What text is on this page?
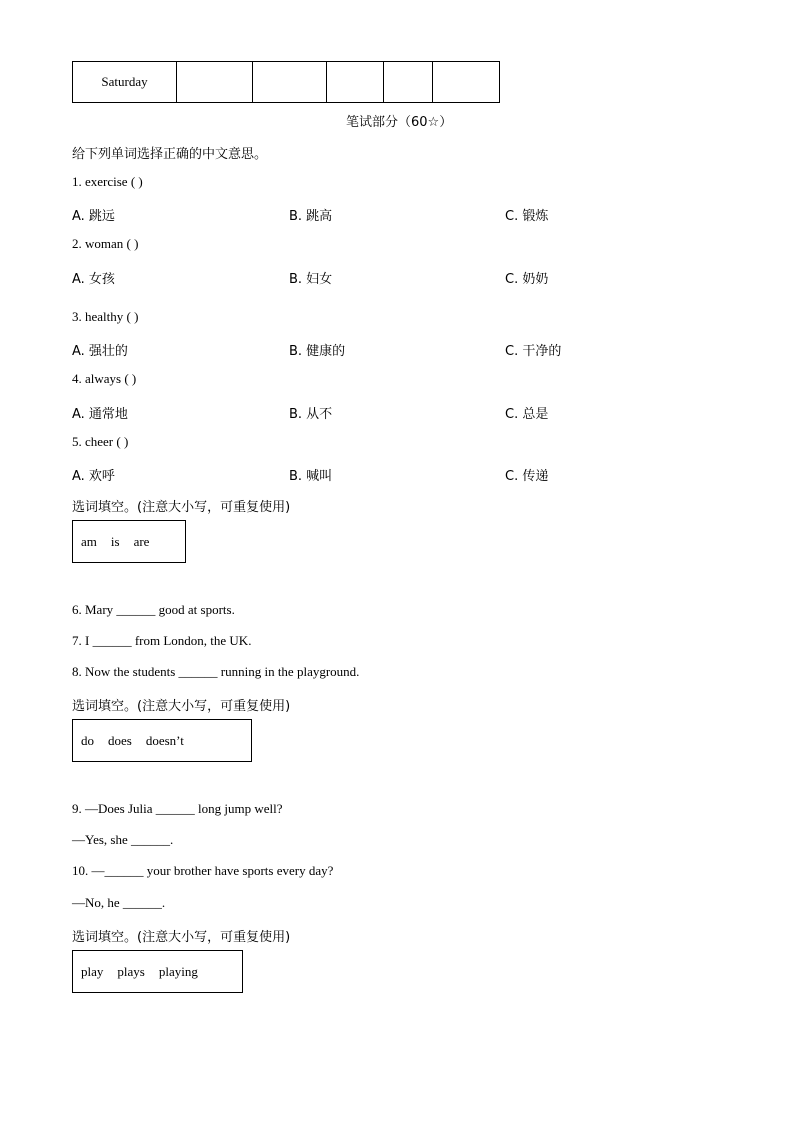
Saturday					
笔试部分（60☆）
给下列单词选择正确的中文意思。
1. exercise ( )
A. 跳远	B. 跳高	C. 锻炼
2. woman ( )
A. 女孩	B. 妇女	C. 奶奶
3. healthy ( )
A. 强壮的	B. 健康的	C. 干净的
4. always ( )
A. 通常地	B. 从不	C. 总是
5. cheer ( )
A. 欢呼	B. 喊叫	C. 传递
选词填空。(注意大小写，可重复使用)
am is are
6. Mary ______ good at sports.
7. I ______ from London, the UK.
8. Now the students ______ running in the playground.
选词填空。(注意大小写，可重复使用)
do does doesn’t
9. —Does Julia ______ long jump well?
—Yes, she ______.
10. —______ your brother have sports every day?
—No, he ______.
选词填空。(注意大小写，可重复使用)
play plays playing
